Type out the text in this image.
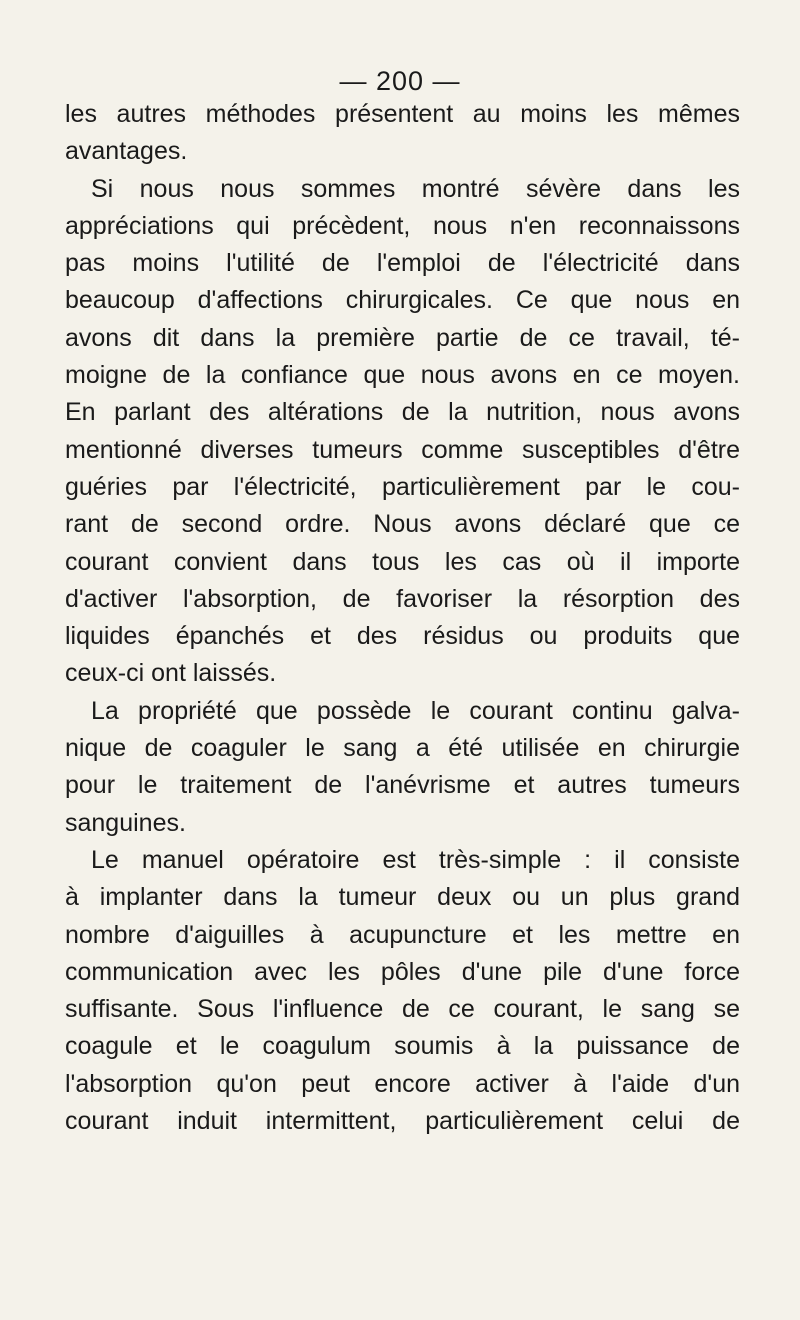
— 200 —
les autres méthodes présentent au moins les mêmes
avantages.
Si nous nous sommes montré sévère dans les
appréciations qui précèdent, nous n'en reconnaissons
pas moins l'utilité de l'emploi de l'électricité dans
beaucoup d'affections chirurgicales. Ce que nous en
avons dit dans la première partie de ce travail, té-
moigne de la confiance que nous avons en ce moyen.
En parlant des altérations de la nutrition, nous avons
mentionné diverses tumeurs comme susceptibles d'être
guéries par l'électricité, particulièrement par le cou-
rant de second ordre. Nous avons déclaré que ce
courant convient dans tous les cas où il importe
d'activer l'absorption, de favoriser la résorption des
liquides épanchés et des résidus ou produits que
ceux-ci ont laissés.
La propriété que possède le courant continu galva-
nique de coaguler le sang a été utilisée en chirurgie
pour le traitement de l'anévrisme et autres tumeurs
sanguines.
Le manuel opératoire est très-simple : il consiste
à implanter dans la tumeur deux ou un plus grand
nombre d'aiguilles à acupuncture et les mettre en
communication avec les pôles d'une pile d'une force
suffisante. Sous l'influence de ce courant, le sang se
coagule et le coagulum soumis à la puissance de
l'absorption qu'on peut encore activer à l'aide d'un
courant induit intermittent, particulièrement celui de
